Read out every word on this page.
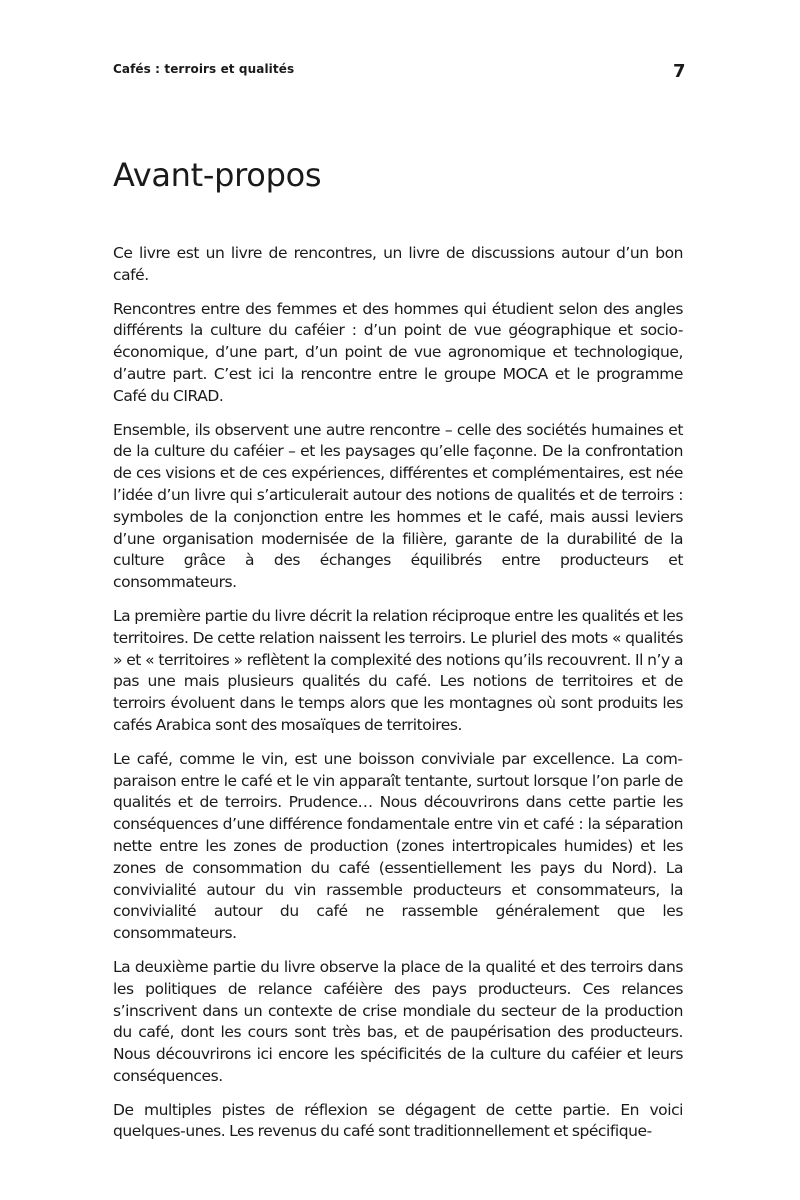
Cafés : terroirs et qualités	7
Avant-propos

Ce livre est un livre de rencontres, un livre de discussions autour d’un bon café.

Rencontres entre des femmes et des hommes qui étudient selon des angles différents la culture du caféier : d’un point de vue géographique et socio-économique, d’une part, d’un point de vue agronomique et technologique, d’autre part. C’est ici la rencontre entre le groupe MOCA et le programme Café du CIRAD.

Ensemble, ils observent une autre rencontre – celle des sociétés humaines et de la culture du caféier – et les paysages qu’elle façonne. De la confrontation de ces visions et de ces expériences, différentes et complémentaires, est née l’idée d’un livre qui s’articulerait autour des notions de qualités et de terroirs : symboles de la conjonction entre les hommes et le café, mais aussi leviers d’une organisation modernisée de la filière, garante de la durabilité de la culture grâce à des échanges équilibrés entre producteurs et consommateurs.

La première partie du livre décrit la relation réciproque entre les qualités et les territoires. De cette relation naissent les terroirs. Le pluriel des mots « qualités » et « territoires » reflètent la complexité des notions qu’ils recouvrent. Il n’y a pas une mais plusieurs qualités du café. Les notions de territoires et de terroirs évoluent dans le temps alors que les montagnes où sont produits les cafés Arabica sont des mosaïques de territoires.

Le café, comme le vin, est une boisson conviviale par excellence. La comparaison entre le café et le vin apparaît tentante, surtout lorsque l’on parle de qualités et de terroirs. Prudence… Nous découvrirons dans cette partie les conséquences d’une différence fondamentale entre vin et café : la séparation nette entre les zones de production (zones intertropicales humides) et les zones de consommation du café (essentiellement les pays du Nord). La convivialité autour du vin rassemble producteurs et consommateurs, la convivialité autour du café ne rassemble généralement que les consommateurs.

La deuxième partie du livre observe la place de la qualité et des terroirs dans les politiques de relance caféière des pays producteurs. Ces relances s’inscrivent dans un contexte de crise mondiale du secteur de la production du café, dont les cours sont très bas, et de paupérisation des producteurs. Nous découvrirons ici encore les spécificités de la culture du caféier et leurs conséquences.

De multiples pistes de réflexion se dégagent de cette partie. En voici quelques-unes. Les revenus du café sont traditionnellement et spécifique-
